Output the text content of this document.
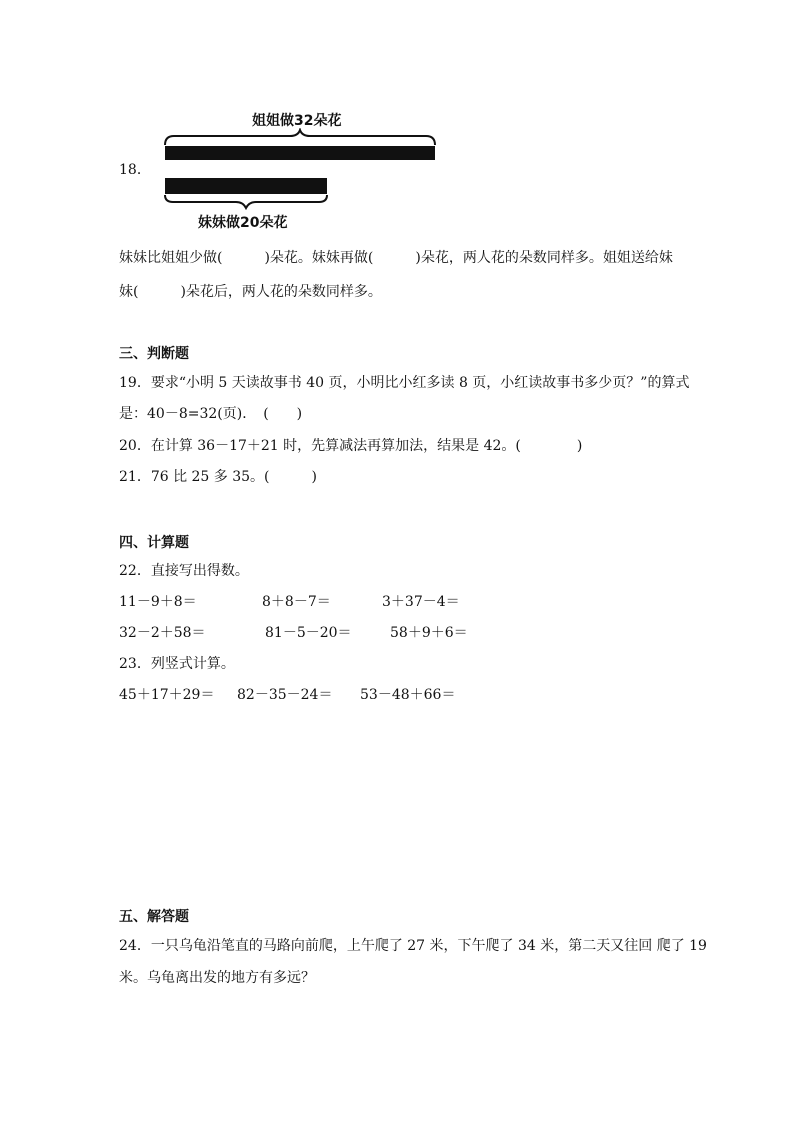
姐姐做32朵花
妹妹做20朵花
18．
妹妹比姐姐少做(　　　)朵花。妹妹再做(　　　)朵花，两人花的朵数同样多。姐姐送给妹
妹(　　　)朵花后，两人花的朵数同样多。
三、判断题
19．要求“小明 5 天读故事书 40 页，小明比小红多读 8 页，小红读故事书多少页？”的算式
是：40－8=32(页)．　(　　)
20．在计算 36－17＋21 时，先算减法再算加法，结果是 42。(　　　　)
21．76 比 25 多 35。(　　　)
四、计算题
22．直接写出得数。
11－9＋8＝	8＋8－7＝	3＋37－4＝
32－2＋58＝	81－5－20＝	58＋9＋6＝
23．列竖式计算。
45＋17＋29＝ 82－35－24＝ 53－48＋66＝
五、解答题
24．一只乌龟沿笔直的马路向前爬，上午爬了 27 米，下午爬了 34 米，第二天又往回 爬了 19
米。乌龟离出发的地方有多远？
